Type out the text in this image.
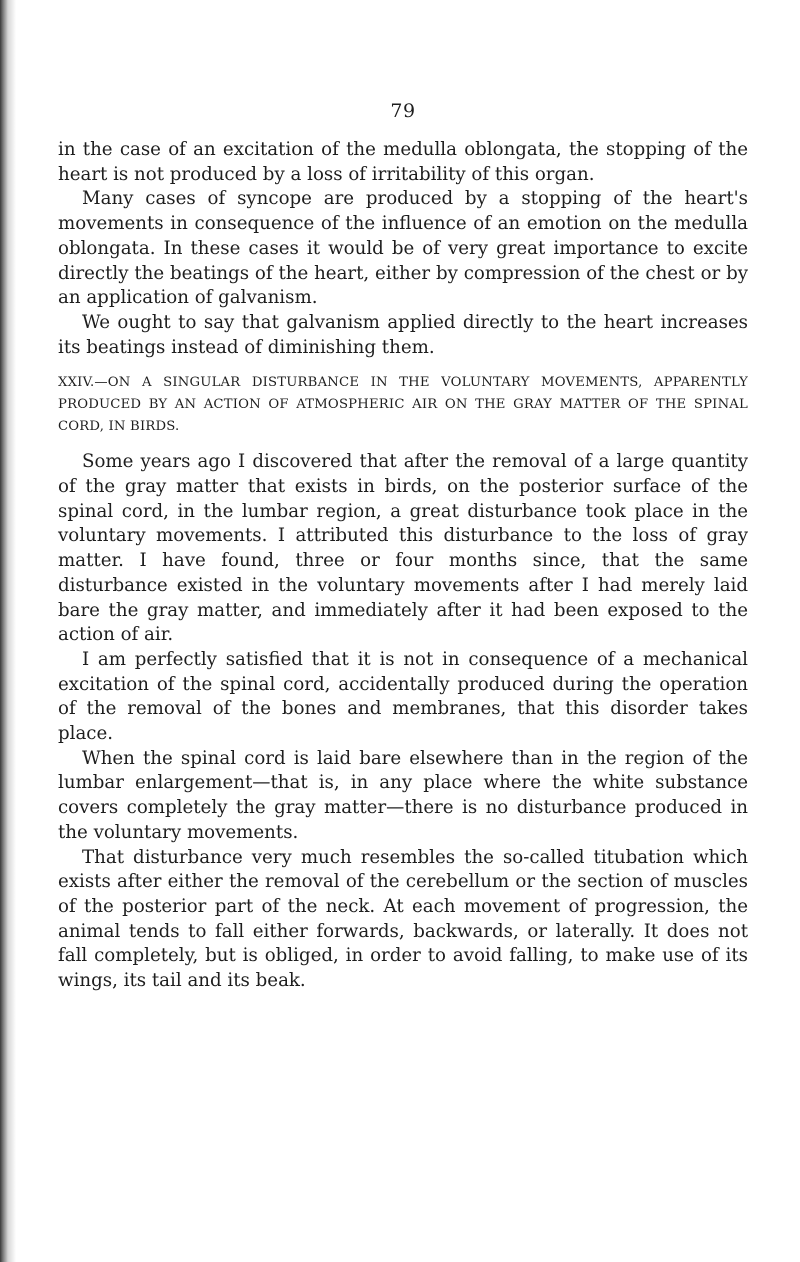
79

in the case of an excitation of the medulla oblongata, the stopping of the heart is not produced by a loss of irritability of this organ.

Many cases of syncope are produced by a stopping of the heart's movements in consequence of the influence of an emotion on the medulla oblongata. In these cases it would be of very great importance to excite directly the beatings of the heart, either by compression of the chest or by an application of galvanism.

We ought to say that galvanism applied directly to the heart increases its beatings instead of diminishing them.

XXIV.—ON A SINGULAR DISTURBANCE IN THE VOLUNTARY MOVEMENTS, APPARENTLY PRODUCED BY AN ACTION OF ATMOSPHERIC AIR ON THE GRAY MATTER OF THE SPINAL CORD, IN BIRDS.

Some years ago I discovered that after the removal of a large quantity of the gray matter that exists in birds, on the posterior surface of the spinal cord, in the lumbar region, a great disturbance took place in the voluntary movements. I attributed this disturbance to the loss of gray matter. I have found, three or four months since, that the same disturbance existed in the voluntary movements after I had merely laid bare the gray matter, and immediately after it had been exposed to the action of air.

I am perfectly satisfied that it is not in consequence of a mechanical excitation of the spinal cord, accidentally produced during the operation of the removal of the bones and membranes, that this disorder takes place.

When the spinal cord is laid bare elsewhere than in the region of the lumbar enlargement—that is, in any place where the white substance covers completely the gray matter—there is no disturbance produced in the voluntary movements.

That disturbance very much resembles the so-called titubation which exists after either the removal of the cerebellum or the section of muscles of the posterior part of the neck. At each movement of progression, the animal tends to fall either forwards, backwards, or laterally. It does not fall completely, but is obliged, in order to avoid falling, to make use of its wings, its tail and its beak.
